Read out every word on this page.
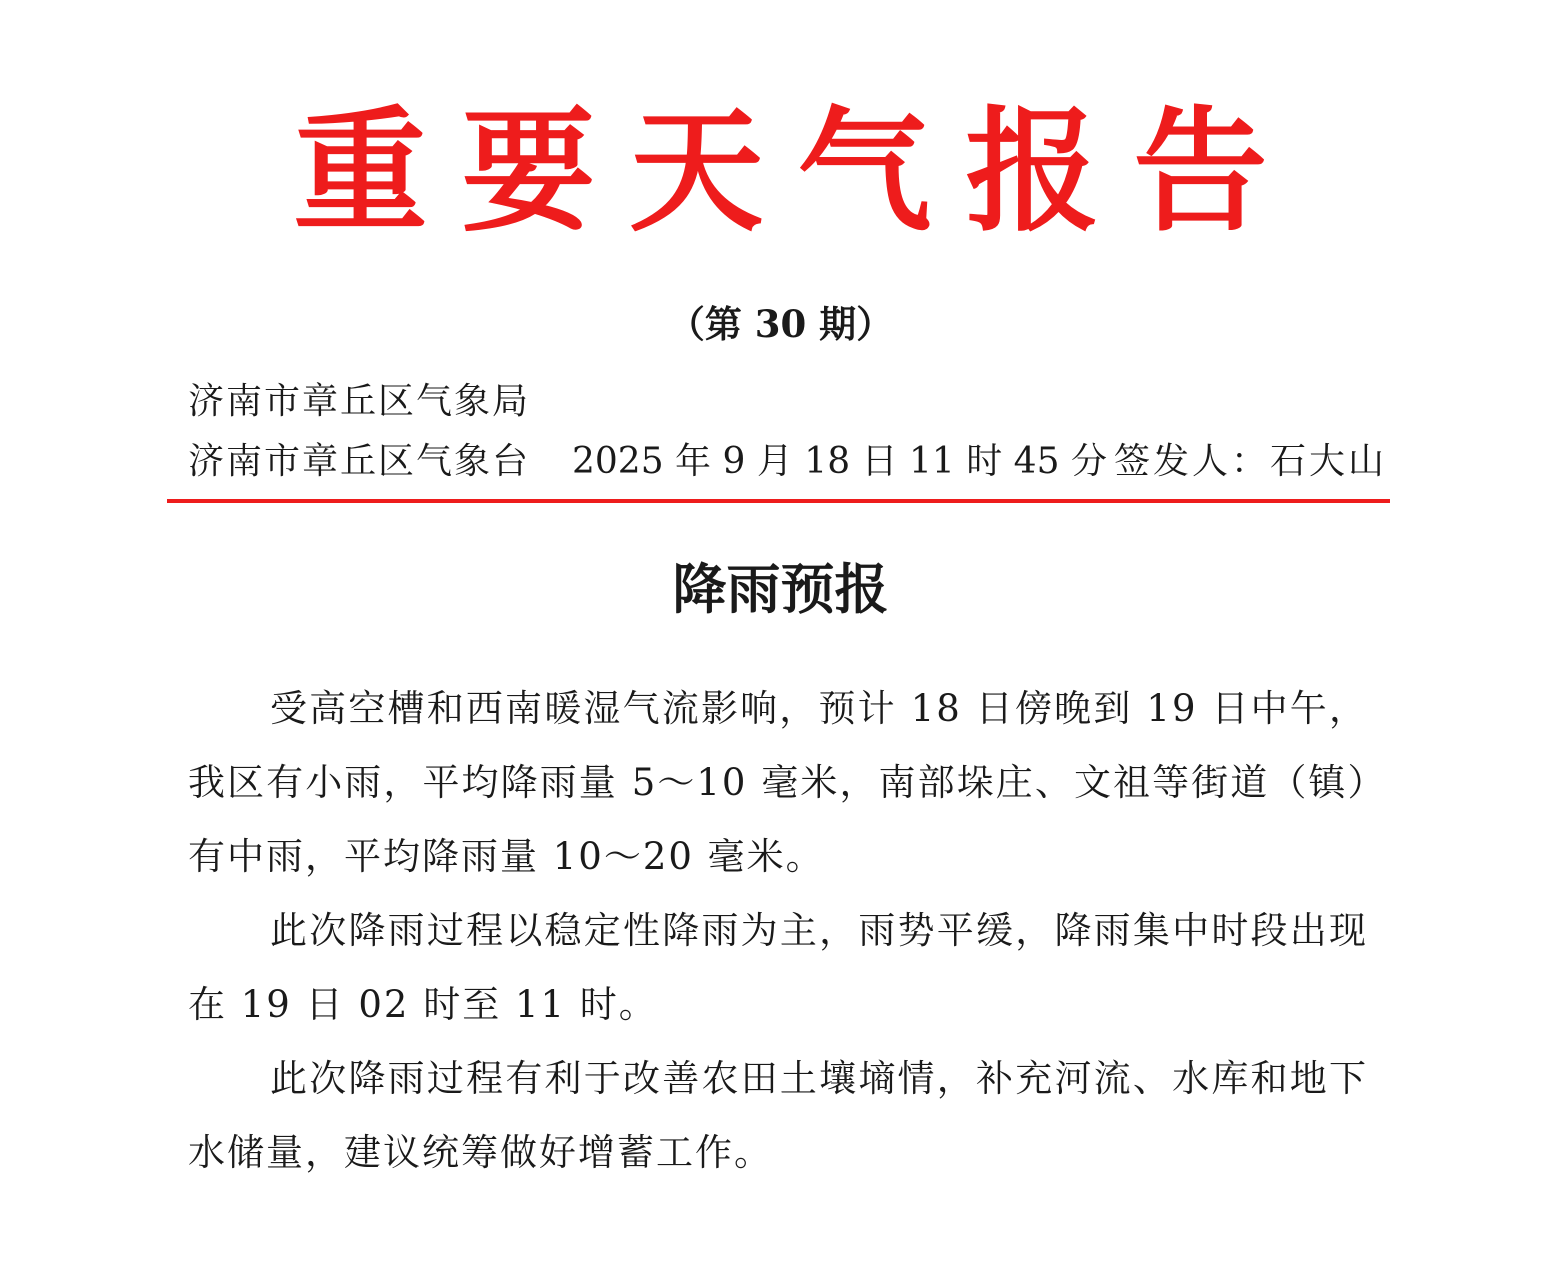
重要天气报告
（第 30 期）
济南市章丘区气象局
济南市章丘区气象台 2025 年 9 月 18 日 11 时 45 分 签发人：石大山
降雨预报

受高空槽和西南暖湿气流影响，预计 18 日傍晚到 19 日中午，我区有小雨，平均降雨量 5～10 毫米，南部垛庄、文祖等街道（镇）有中雨，平均降雨量 10～20 毫米。

此次降雨过程以稳定性降雨为主，雨势平缓，降雨集中时段出现在 19 日 02 时至 11 时。

此次降雨过程有利于改善农田土壤墒情，补充河流、水库和地下水储量，建议统筹做好增蓄工作。
